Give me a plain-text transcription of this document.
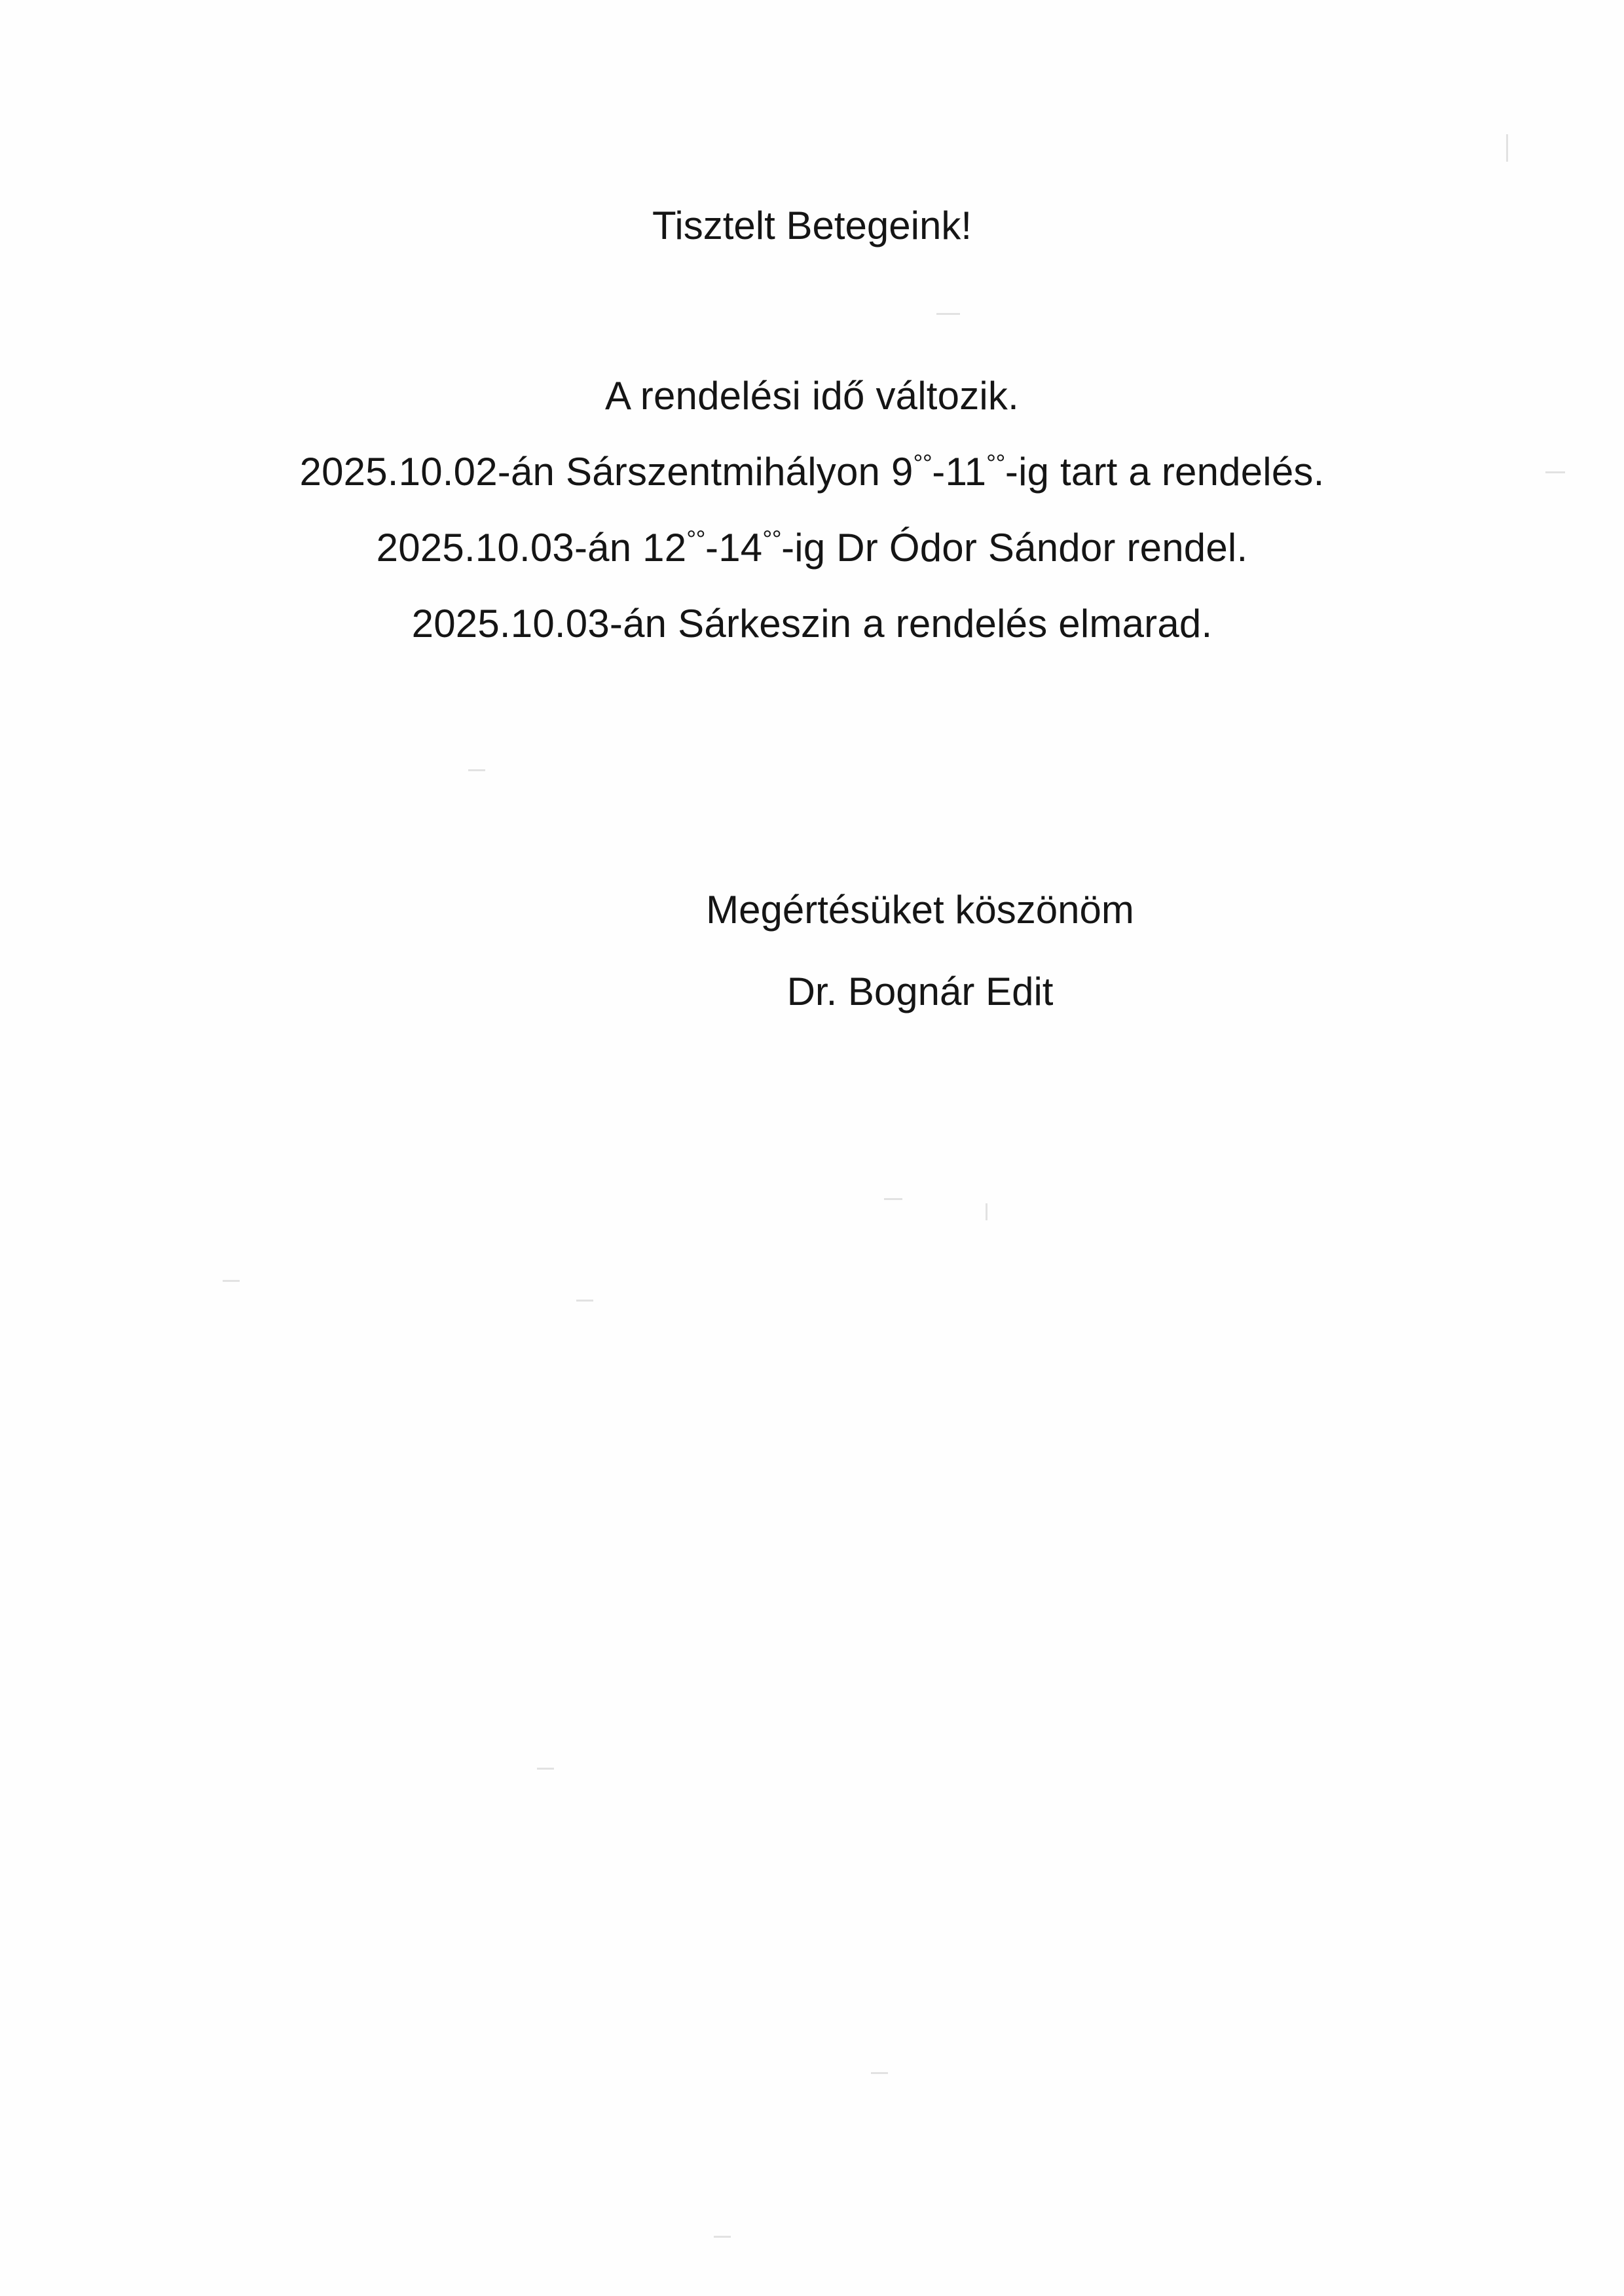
Tisztelt Betegeink!
A rendelési idő változik.
2025.10.02-án Sárszentmihályon 9°°-11°°-ig tart a rendelés.
2025.10.03-án 12°°-14°°-ig Dr Ódor Sándor rendel.
2025.10.03-án Sárkeszin a rendelés elmarad.
Megértésüket köszönöm
Dr. Bognár Edit
